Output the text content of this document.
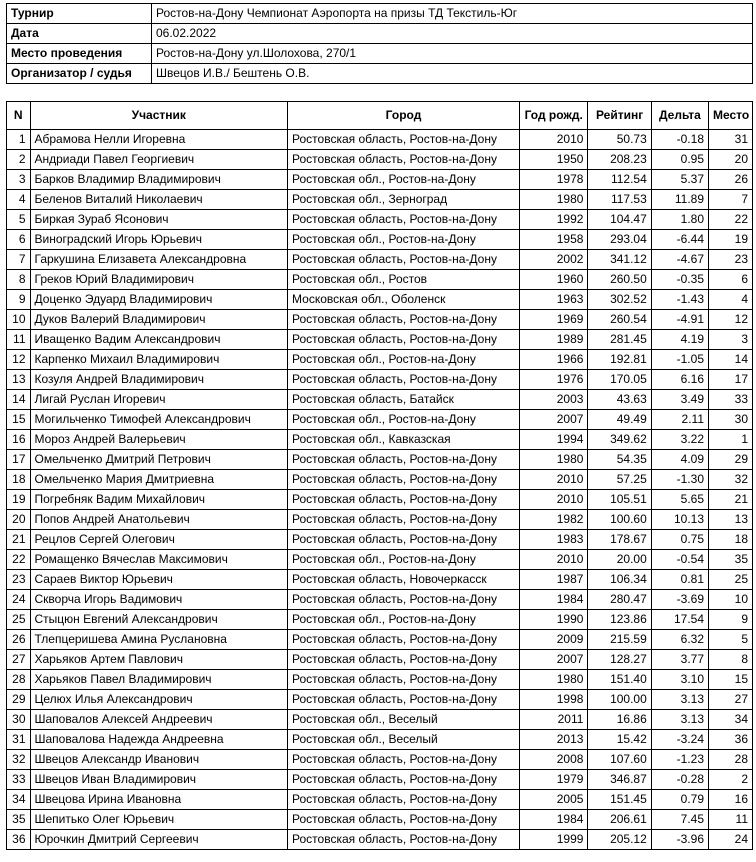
Турнир	Ростов-на-Дону Чемпионат Аэропорта на призы ТД Текстиль-Юг
Дата	06.02.2022
Место проведения	Ростов-на-Дону ул.Шолохова, 270/1
Организатор / судья	Швецов И.В./ Бештень О.В.
N	Участник	Город	Год рожд.	Рейтинг	Дельта	Место
1	Абрамова Нелли Игоревна	Ростовская область, Ростов-на-Дону	2010	50.73	-0.18	31
2	Андриади Павел Георгиевич	Ростовская область, Ростов-на-Дону	1950	208.23	0.95	20
3	Барков Владимир Владимирович	Ростовская обл., Ростов-на-Дону	1978	112.54	5.37	26
4	Беленов Виталий Николаевич	Ростовская обл., Зерноград	1980	117.53	11.89	7
5	Биркая Зураб Ясонович	Ростовская область, Ростов-на-Дону	1992	104.47	1.80	22
6	Виноградский Игорь Юрьевич	Ростовская обл., Ростов-на-Дону	1958	293.04	-6.44	19
7	Гаркушина Елизавета Александровна	Ростовская область, Ростов-на-Дону	2002	341.12	-4.67	23
8	Греков Юрий Владимирович	Ростовская обл., Ростов	1960	260.50	-0.35	6
9	Доценко Эдуард Владимирович	Московская обл., Оболенск	1963	302.52	-1.43	4
10	Дуков Валерий Владимирович	Ростовская область, Ростов-на-Дону	1969	260.54	-4.91	12
11	Иващенко Вадим Александрович	Ростовская область, Ростов-на-Дону	1989	281.45	4.19	3
12	Карпенко Михаил Владимирович	Ростовская обл., Ростов-на-Дону	1966	192.81	-1.05	14
13	Козуля Андрей Владимирович	Ростовская область, Ростов-на-Дону	1976	170.05	6.16	17
14	Лигай Руслан Игоревич	Ростовская область, Батайск	2003	43.63	3.49	33
15	Могильченко Тимофей Александрович	Ростовская обл., Ростов-на-Дону	2007	49.49	2.11	30
16	Мороз Андрей Валерьевич	Ростовская обл., Кавказская	1994	349.62	3.22	1
17	Омельченко Дмитрий Петрович	Ростовская область, Ростов-на-Дону	1980	54.35	4.09	29
18	Омельченко Мария Дмитриевна	Ростовская область, Ростов-на-Дону	2010	57.25	-1.30	32
19	Погребняк Вадим Михайлович	Ростовская область, Ростов-на-Дону	2010	105.51	5.65	21
20	Попов Андрей Анатольевич	Ростовская область, Ростов-на-Дону	1982	100.60	10.13	13
21	Рецлов Сергей Олегович	Ростовская область, Ростов-на-Дону	1983	178.67	0.75	18
22	Ромащенко Вячеслав Максимович	Ростовская обл., Ростов-на-Дону	2010	20.00	-0.54	35
23	Сараев Виктор Юрьевич	Ростовская область, Новочеркасск	1987	106.34	0.81	25
24	Скворча Игорь Вадимович	Ростовская область, Ростов-на-Дону	1984	280.47	-3.69	10
25	Стыцюн Евгений Александрович	Ростовская обл., Ростов-на-Дону	1990	123.86	17.54	9
26	Тлепцеришева Амина Руслановна	Ростовская область, Ростов-на-Дону	2009	215.59	6.32	5
27	Харьяков Артем Павлович	Ростовская область, Ростов-на-Дону	2007	128.27	3.77	8
28	Харьяков Павел Владимирович	Ростовская область, Ростов-на-Дону	1980	151.40	3.10	15
29	Целюх Илья Александрович	Ростовская область, Ростов-на-Дону	1998	100.00	3.13	27
30	Шаповалов Алексей Андреевич	Ростовская обл., Веселый	2011	16.86	3.13	34
31	Шаповалова Надежда Андреевна	Ростовская обл., Веселый	2013	15.42	-3.24	36
32	Швецов Александр Иванович	Ростовская область, Ростов-на-Дону	2008	107.60	-1.23	28
33	Швецов Иван Владимирович	Ростовская область, Ростов-на-Дону	1979	346.87	-0.28	2
34	Швецова Ирина Ивановна	Ростовская область, Ростов-на-Дону	2005	151.45	0.79	16
35	Шепитько Олег Юрьевич	Ростовская область, Ростов-на-Дону	1984	206.61	7.45	11
36	Юрочкин Дмитрий Сергеевич	Ростовская область, Ростов-на-Дону	1999	205.12	-3.96	24
